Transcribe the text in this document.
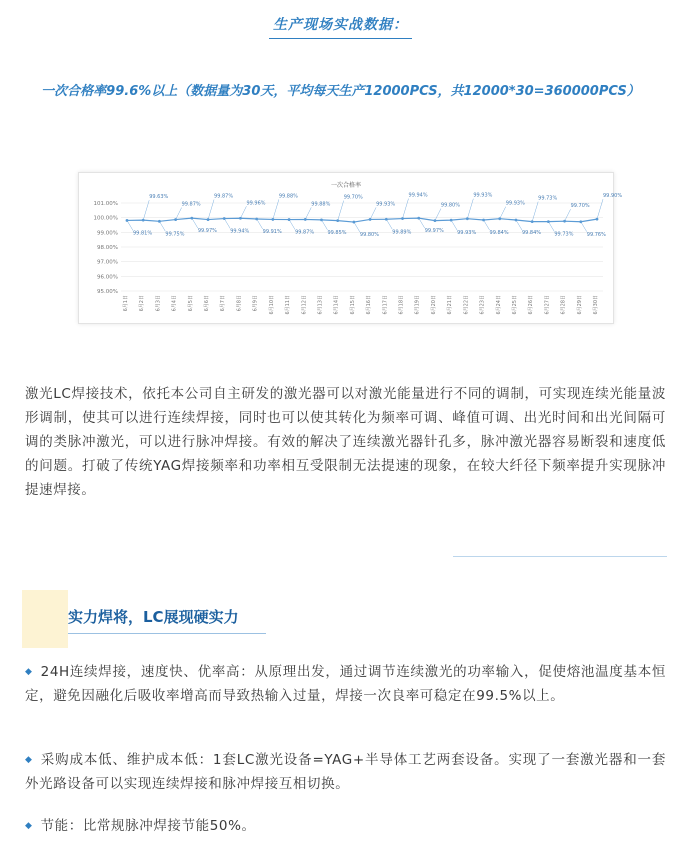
生产现场实战数据：
一次合格率99.6%以上（数据量为30天，平均每天生产12000PCS，共12000*30=360000PCS）
一次合格率
101.00%
100.00%
99.00%
98.00%
97.00%
96.00%
95.00%
99.81%
6月1日
99.63%
6月2日
99.75%
6月3日
99.87%
6月4日
99.97%
6月5日
99.87%
6月6日
99.94%
6月7日
99.96%
6月8日
99.91%
6月9日
99.88%
6月10日
99.87%
6月11日
99.88%
6月12日
99.85%
6月13日
99.70%
6月14日
99.80%
6月15日
99.93%
6月16日
99.89%
6月17日
99.94%
6月18日
99.97%
6月19日
99.80%
6月20日
99.93%
6月21日
99.93%
6月22日
99.84%
6月23日
99.93%
6月24日
99.84%
6月25日
99.73%
6月26日
99.73%
6月27日
99.70%
6月28日
99.76%
6月29日
99.90%
6月30日
激光LC焊接技术，依托本公司自主研发的激光器可以对激光能量进行不同的调制，可实现连续光能量波形调制，使其可以进行连续焊接，同时也可以使其转化为频率可调、峰值可调、出光时间和出光间隔可调的类脉冲激光，可以进行脉冲焊接。有效的解决了连续激光器针孔多，脉冲激光器容易断裂和速度低的问题。打破了传统YAG焊接频率和功率相互受限制无法提速的现象，在较大纤径下频率提升实现脉冲提速焊接。
实力焊将，LC展现硬实力
◆ 24H连续焊接，速度快、优率高：从原理出发，通过调节连续激光的功率输入，促使熔池温度基本恒定，避免因融化后吸收率增高而导致热输入过量，焊接一次良率可稳定在99.5%以上。
◆ 采购成本低、维护成本低：1套LC激光设备=YAG+半导体工艺两套设备。实现了一套激光器和一套外光路设备可以实现连续焊接和脉冲焊接互相切换。
◆ 节能：比常规脉冲焊接节能50%。
